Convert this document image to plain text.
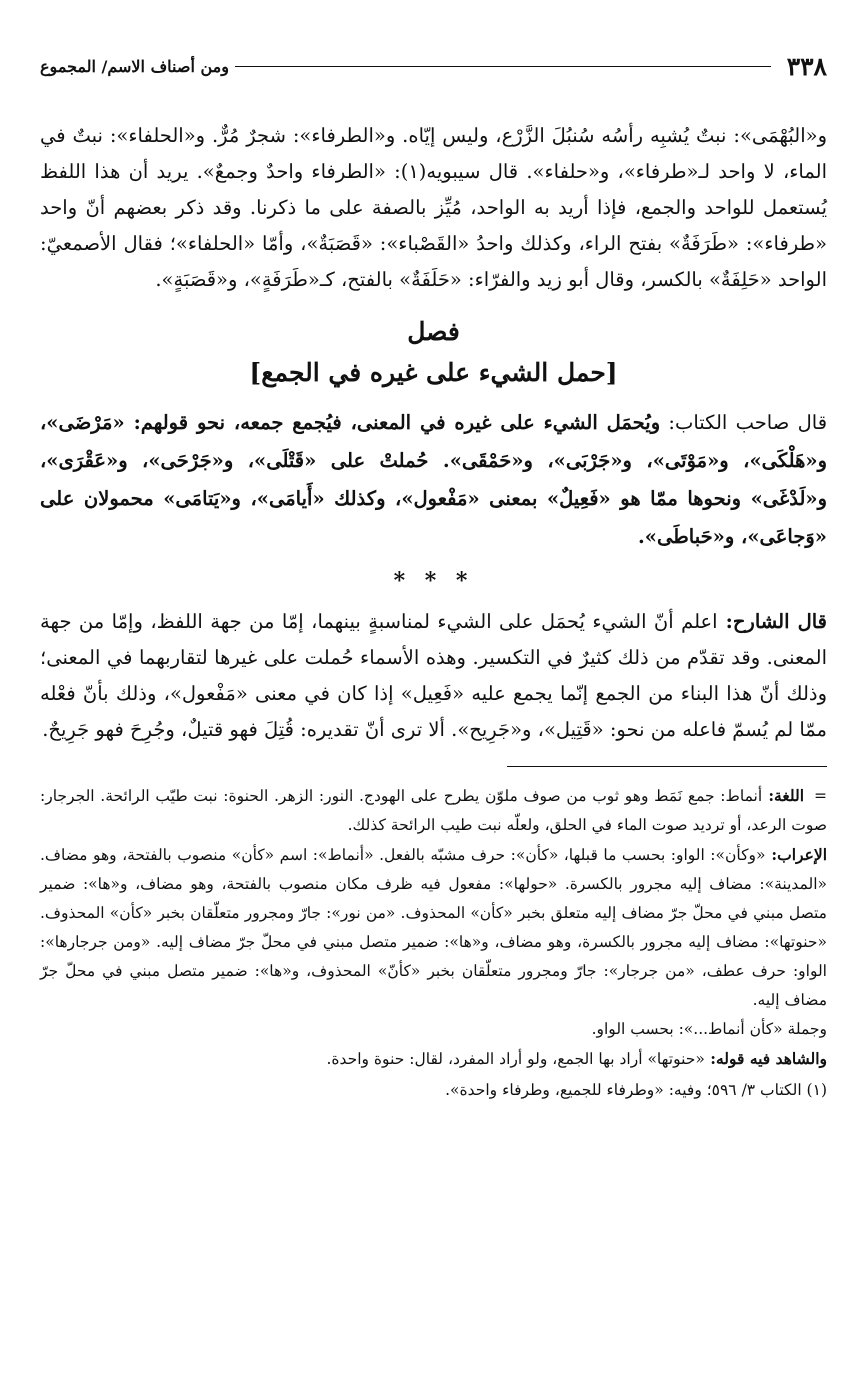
٣٣٨
ومن أصناف الاسم/ المجموع

و«البُهْمَى»: نبتٌ يُشبِه رأسُه سُنبُلَ الزَّرْع، وليس إيّاه. و«الطرفاء»: شجرٌ مُرٌّ. و«الحلفاء»: نبتٌ في الماء، لا واحد لـ«طرفاء»، و«حلفاء». قال سيبويه(١): «الطرفاء واحدٌ وجمعٌ». يريد أن هذا اللفظ يُستعمل للواحد والجمع، فإذا أريد به الواحد، مُيِّز بالصفة على ما ذكرنا. وقد ذكر بعضهم أنّ واحد «طرفاء»: «طَرَفَةٌ» بفتح الراء، وكذلك واحدُ «القَصْباء»: «قَصَبَةٌ»، وأمّا «الحلفاء»؛ فقال الأصمعيّ: الواحد «حَلِفَةٌ» بالكسر، وقال أبو زيد والفرّاء: «حَلَفَةٌ» بالفتح، كـ«طَرَفَةٍ»، و«قَصَبَةٍ».

فصل
[حمل الشيء على غيره في الجمع]

قال صاحب الكتاب: ويُحمَل الشيء على غيره في المعنى، فيُجمع جمعه، نحو قولهم: «مَرْضَى»، و«هَلْكَى»، و«مَوْتَى»، و«جَرْبَى»، و«حَمْقَى». حُملتْ على «قَتْلَى»، و«جَرْحَى»، و«عَقْرَى»، و«لَدْغَى» ونحوها ممّا هو «فَعِيلٌ» بمعنى «مَفْعول»، وكذلك «أَيامَى»، و«يَتامَى» محمولان على «وَجاعَى»، و«حَباطَى».

* * *

قال الشارح: اعلم أنّ الشيء يُحمَل على الشيء لمناسبةٍ بينهما، إمّا من جهة اللفظ، وإمّا من جهة المعنى. وقد تقدّم من ذلك كثيرٌ في التكسير. وهذه الأسماء حُملت على غيرها لتقاربهما في المعنى؛ وذلك أنّ هذا البناء من الجمع إنّما يجمع عليه «فَعِيل» إذا كان في معنى «مَفْعول»، وذلك بأنّ فعْله ممّا لم يُسمّ فاعله من نحو: «قَتِيل»، و«جَرِيح». ألا ترى أنّ تقديره: قُتِلَ فهو قتيلٌ، وجُرِحَ فهو جَرِيحٌ.

=اللغة: أنماط: جمع نَمَط وهو ثوب من صوف ملوّن يطرح على الهودج. النور: الزهر. الحنوة: نبت طيّب الرائحة. الجرجار: صوت الرعد، أو ترديد صوت الماء في الحلق، ولعلّه نبت طيب الرائحة كذلك.

الإعراب: «وكأن»: الواو: بحسب ما قبلها، «كأن»: حرف مشبّه بالفعل. «أنماط»: اسم «كأن» منصوب بالفتحة، وهو مضاف. «المدينة»: مضاف إليه مجرور بالكسرة. «حولها»: مفعول فيه ظرف مكان منصوب بالفتحة، وهو مضاف، و«ها»: ضمير متصل مبني في محلّ جرّ مضاف إليه متعلق بخبر «كأن» المحذوف. «من نور»: جارّ ومجرور متعلّقان بخبر «كأن» المحذوف. «حنوتها»: مضاف إليه مجرور بالكسرة، وهو مضاف، و«ها»: ضمير متصل مبني في محلّ جرّ مضاف إليه. «ومن جرجارها»: الواو: حرف عطف، «من جرجار»: جارّ ومجرور متعلّقان بخبر «كأنّ» المحذوف، و«ها»: ضمير متصل مبني في محلّ جرّ مضاف إليه.

وجملة «كأن أنماط...»: بحسب الواو.

والشاهد فيه قوله: «حنوتها» أراد بها الجمع، ولو أراد المفرد، لقال: حنوة واحدة.

(١) الكتاب ٣/ ٥٩٦؛ وفيه: «وطرفاء للجميع، وطرفاء واحدة».
